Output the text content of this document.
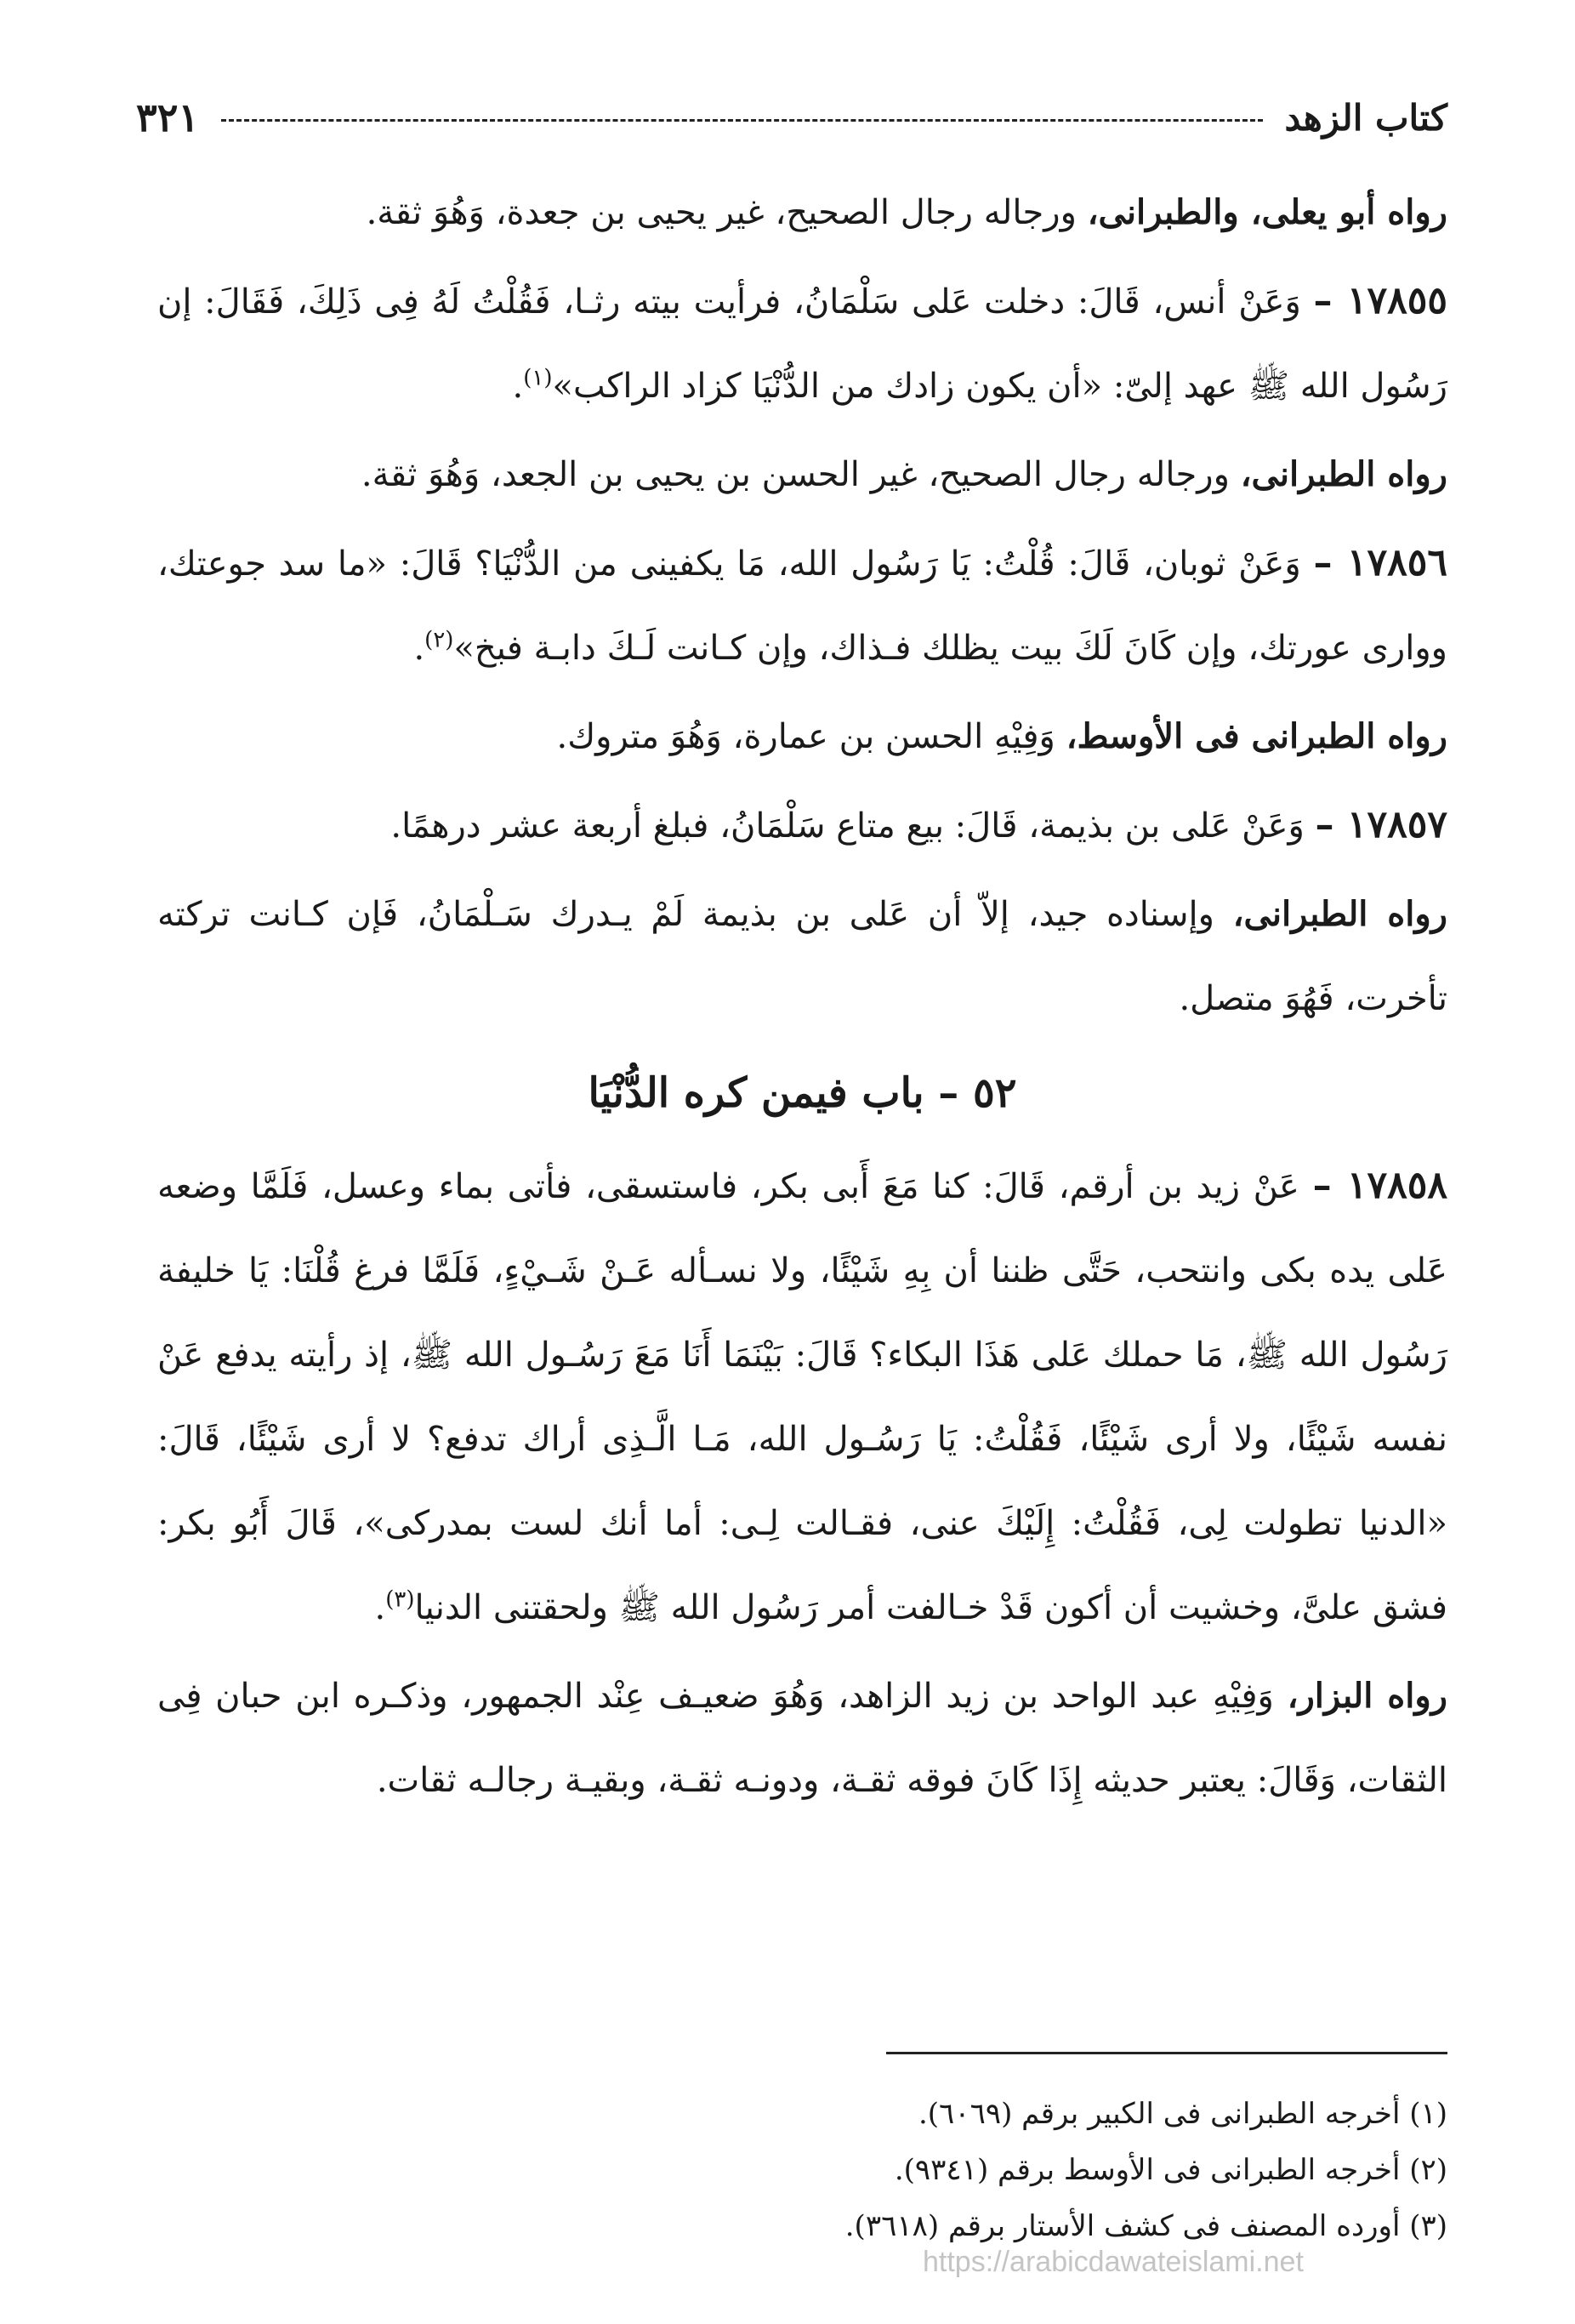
كتاب الزهد
٣٢١

رواه أبو يعلى، والطبرانى، ورجاله رجال الصحيح، غير يحيى بن جعدة، وَهُوَ ثقة.

١٧٨٥٥ – وَعَنْ أنس، قَالَ: دخلت عَلى سَلْمَانُ، فرأيت بيته رثـا، فَقُلْتُ لَهُ فِى ذَلِكَ، فَقَالَ: إن رَسُول الله ﷺ عهد إلىّ: «أن يكون زادك من الدُّنْيَا كزاد الراكب»$^{(١)}$.

رواه الطبرانى، ورجاله رجال الصحيح، غير الحسن بن يحيى بن الجعد، وَهُوَ ثقة.

١٧٨٥٦ – وَعَنْ ثوبان، قَالَ: قُلْتُ: يَا رَسُول الله، مَا يكفينى من الدُّنْيَا؟ قَالَ: «ما سد جوعتك، ووارى عورتك، وإن كَانَ لَكَ بيت يظلك فـذاك، وإن كـانت لَـكَ دابـة فبخ»$^{(٢)}$.

رواه الطبرانى فى الأوسط، وَفِيْهِ الحسن بن عمارة، وَهُوَ متروك.

١٧٨٥٧ – وَعَنْ عَلى بن بذيمة، قَالَ: بيع متاع سَلْمَانُ، فبلغ أربعة عشر درهمًا.

رواه الطبرانى، وإسناده جيد، إلاّ أن عَلى بن بذيمة لَمْ يـدرك سَـلْمَانُ، فَإن كـانت تركته تأخرت، فَهُوَ متصل.

٥٢ – باب فيمن كره الدُّنْيَا

١٧٨٥٨ – عَنْ زيد بن أرقم، قَالَ: كنا مَعَ أَبى بكر، فاستسقى، فأتى بماء وعسل، فَلَمَّا وضعه عَلى يده بكى وانتحب، حَتَّى ظننا أن بِهِ شَيْئًا، ولا نسـأله عَـنْ شَـيْءٍ، فَلَمَّا فرغ قُلْنَا: يَا خليفة رَسُول الله ﷺ، مَا حملك عَلى هَذَا البكاء؟ قَالَ: بَيْنَمَا أَنَا مَعَ رَسُـول الله ﷺ، إذ رأيته يدفع عَنْ نفسه شَيْئًا، ولا أرى شَيْئًا، فَقُلْتُ: يَا رَسُـول الله، مَـا الَّـذِى أراك تدفع؟ لا أرى شَيْئًا، قَالَ: «الدنيا تطولت لِى، فَقُلْتُ: إِلَيْكَ عنى، فقـالت لِـى: أما أنك لست بمدركى»، قَالَ أَبُو بكر: فشق علىَّ، وخشيت أن أكون قَدْ خـالفت أمر رَسُول الله ﷺ ولحقتنى الدنيا$^{(٣)}$.

رواه البزار، وَفِيْهِ عبد الواحد بن زيد الزاهد، وَهُوَ ضعيـف عِنْد الجمهور، وذكـره ابن حبان فِى الثقات، وَقَالَ: يعتبر حديثه إِذَا كَانَ فوقه ثقـة، ودونـه ثقـة، وبقيـة رجالـه ثقات.

(١) أخرجه الطبرانى فى الكبير برقم (٦٠٦٩).

(٢) أخرجه الطبرانى فى الأوسط برقم (٩٣٤١).

(٣) أورده المصنف فى كشف الأستار برقم (٣٦١٨).

https://arabicdawateislami.net
